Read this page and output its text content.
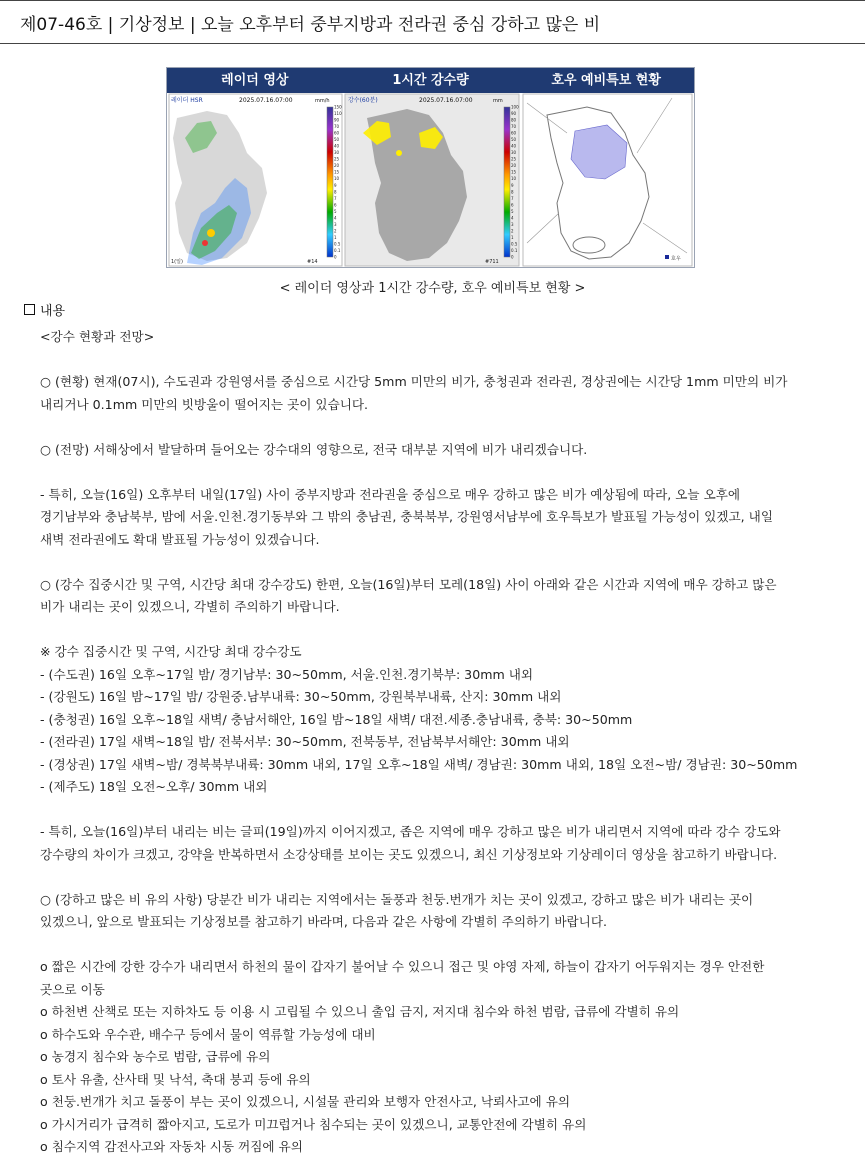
제07-46호 | 기상정보 | 오늘 오후부터 중부지방과 전라권 중심 강하고 많은 비
레이더 영상	1시간 강수량	호우 예비특보 현황
레이더 HSR	2025.07.16.07:00	mm/h
150
110
90
70
60
50
40
30
25
20
15
10
9
8
7
6
5
4
3
2
1
0.5
0.1
0
1(일)	#14
강수(60분)	2025.07.16.07:00	mm
100
90
80
70
60
50
40
30
25
20
15
10
9
8
7
6
5
4
3
2
1
0.5
0.1
0
#711	호우
< 레이더 영상과 1시간 강수량, 호우 예비특보 현황 >
내용
<강수 현황과 전망>
○ (현황) 현재(07시), 수도권과 강원영서를 중심으로 시간당 5mm 미만의 비가, 충청권과 전라권, 경상권에는 시간당 1mm 미만의 비가
내리거나 0.1mm 미만의 빗방울이 떨어지는 곳이 있습니다.
○ (전망) 서해상에서 발달하며 들어오는 강수대의 영향으로, 전국 대부분 지역에 비가 내리겠습니다.
- 특히, 오늘(16일) 오후부터 내일(17일) 사이 중부지방과 전라권을 중심으로 매우 강하고 많은 비가 예상됨에 따라, 오늘 오후에
경기남부와 충남북부, 밤에 서울.인천.경기동부와 그 밖의 충남권, 충북북부, 강원영서남부에 호우특보가 발표될 가능성이 있겠고, 내일
새벽 전라권에도 확대 발표될 가능성이 있겠습니다.
○ (강수 집중시간 및 구역, 시간당 최대 강수강도) 한편, 오늘(16일)부터 모레(18일) 사이 아래와 같은 시간과 지역에 매우 강하고 많은
비가 내리는 곳이 있겠으니, 각별히 주의하기 바랍니다.
※ 강수 집중시간 및 구역, 시간당 최대 강수강도
- (수도권) 16일 오후~17일 밤/ 경기남부: 30~50mm, 서울.인천.경기북부: 30mm 내외
- (강원도) 16일 밤~17일 밤/ 강원중.남부내륙: 30~50mm, 강원북부내륙, 산지: 30mm 내외
- (충청권) 16일 오후~18일 새벽/ 충남서해안, 16일 밤~18일 새벽/ 대전.세종.충남내륙, 충북: 30~50mm
- (전라권) 17일 새벽~18일 밤/ 전북서부: 30~50mm, 전북동부, 전남북부서해안: 30mm 내외
- (경상권) 17일 새벽~밤/ 경북북부내륙: 30mm 내외, 17일 오후~18일 새벽/ 경남권: 30mm 내외, 18일 오전~밤/ 경남권: 30~50mm
- (제주도) 18일 오전~오후/ 30mm 내외
- 특히, 오늘(16일)부터 내리는 비는 글피(19일)까지 이어지겠고, 좁은 지역에 매우 강하고 많은 비가 내리면서 지역에 따라 강수 강도와
강수량의 차이가 크겠고, 강약을 반복하면서 소강상태를 보이는 곳도 있겠으니, 최신 기상정보와 기상레이더 영상을 참고하기 바랍니다.
○ (강하고 많은 비 유의 사항) 당분간 비가 내리는 지역에서는 돌풍과 천둥.번개가 치는 곳이 있겠고, 강하고 많은 비가 내리는 곳이
있겠으니, 앞으로 발표되는 기상정보를 참고하기 바라며, 다음과 같은 사항에 각별히 주의하기 바랍니다.
o 짧은 시간에 강한 강수가 내리면서 하천의 물이 갑자기 불어날 수 있으니 접근 및 야영 자제, 하늘이 갑자기 어두워지는 경우 안전한
곳으로 이동
o 하천변 산책로 또는 지하차도 등 이용 시 고립될 수 있으니 출입 금지, 저지대 침수와 하천 범람, 급류에 각별히 유의
o 하수도와 우수관, 배수구 등에서 물이 역류할 가능성에 대비
o 농경지 침수와 농수로 범람, 급류에 유의
o 토사 유출, 산사태 및 낙석, 축대 붕괴 등에 유의
o 천둥.번개가 치고 돌풍이 부는 곳이 있겠으니, 시설물 관리와 보행자 안전사고, 낙뢰사고에 유의
o 가시거리가 급격히 짧아지고, 도로가 미끄럽거나 침수되는 곳이 있겠으니, 교통안전에 각별히 유의
o 침수지역 감전사고와 자동차 시동 꺼짐에 유의
